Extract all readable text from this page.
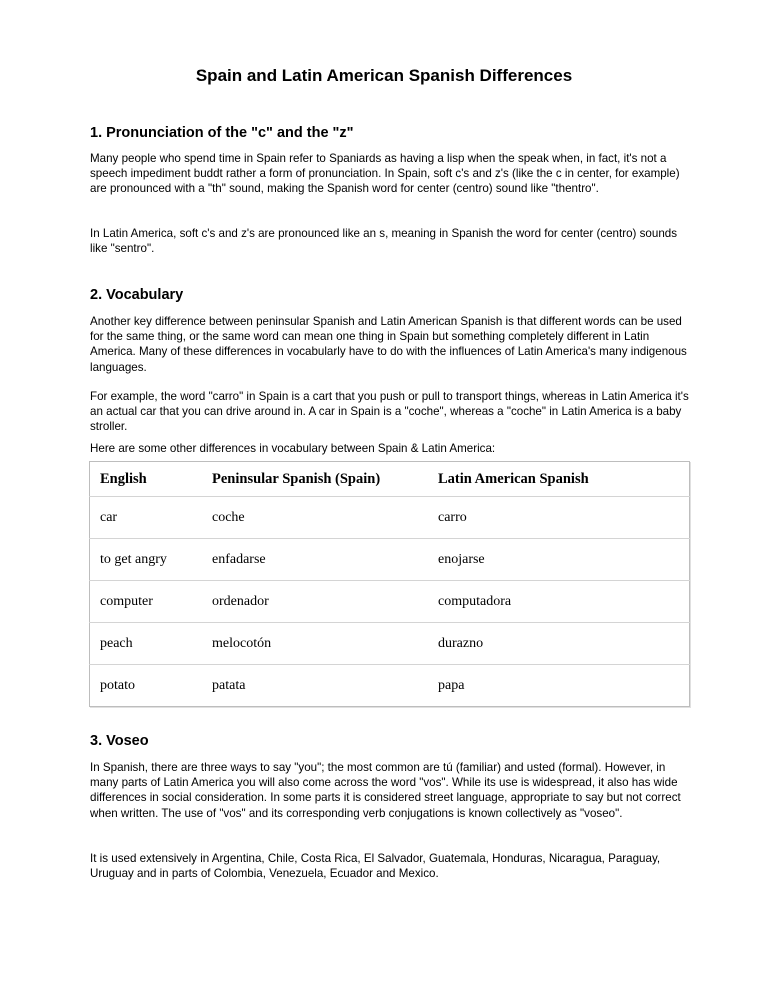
Spain and Latin American Spanish Differences
1. Pronunciation of the "c" and the "z"

Many people who spend time in Spain refer to Spaniards as having a lisp when the speak when, in fact, it's not a speech impediment buddt rather a form of pronunciation. In Spain, soft c's and z's (like the c in center, for example) are pronounced with a "th" sound, making the Spanish word for center (centro) sound like "thentro".

In Latin America, soft c's and z's are pronounced like an s, meaning in Spanish the word for center (centro) sounds like "sentro".

2. Vocabulary

Another key difference between peninsular Spanish and Latin American Spanish is that different words can be used for the same thing, or the same word can mean one thing in Spain but something completely different in Latin America. Many of these differences in vocabularly have to do with the influences of Latin America's many indigenous languages.

For example, the word "carro" in Spain is a cart that you push or pull to transport things, whereas in Latin America it's an actual car that you can drive around in. A car in Spain is a "coche", whereas a "coche" in Latin America is a baby stroller.

Here are some other differences in vocabulary between Spain & Latin America:

English	Peninsular Spanish (Spain)	Latin American Spanish
car	coche	carro
to get angry	enfadarse	enojarse
computer	ordenador	computadora
peach	melocotón	durazno
potato	patata	papa
3. Voseo

In Spanish, there are three ways to say "you"; the most common are tú (familiar) and usted (formal). However, in many parts of Latin America you will also come across the word "vos". While its use is widespread, it also has wide differences in social consideration. In some parts it is considered street language, appropriate to say but not correct when written. The use of "vos" and its corresponding verb conjugations is known collectively as "voseo".

It is used extensively in Argentina, Chile, Costa Rica, El Salvador, Guatemala, Honduras, Nicaragua, Paraguay, Uruguay and in parts of Colombia, Venezuela, Ecuador and Mexico.
